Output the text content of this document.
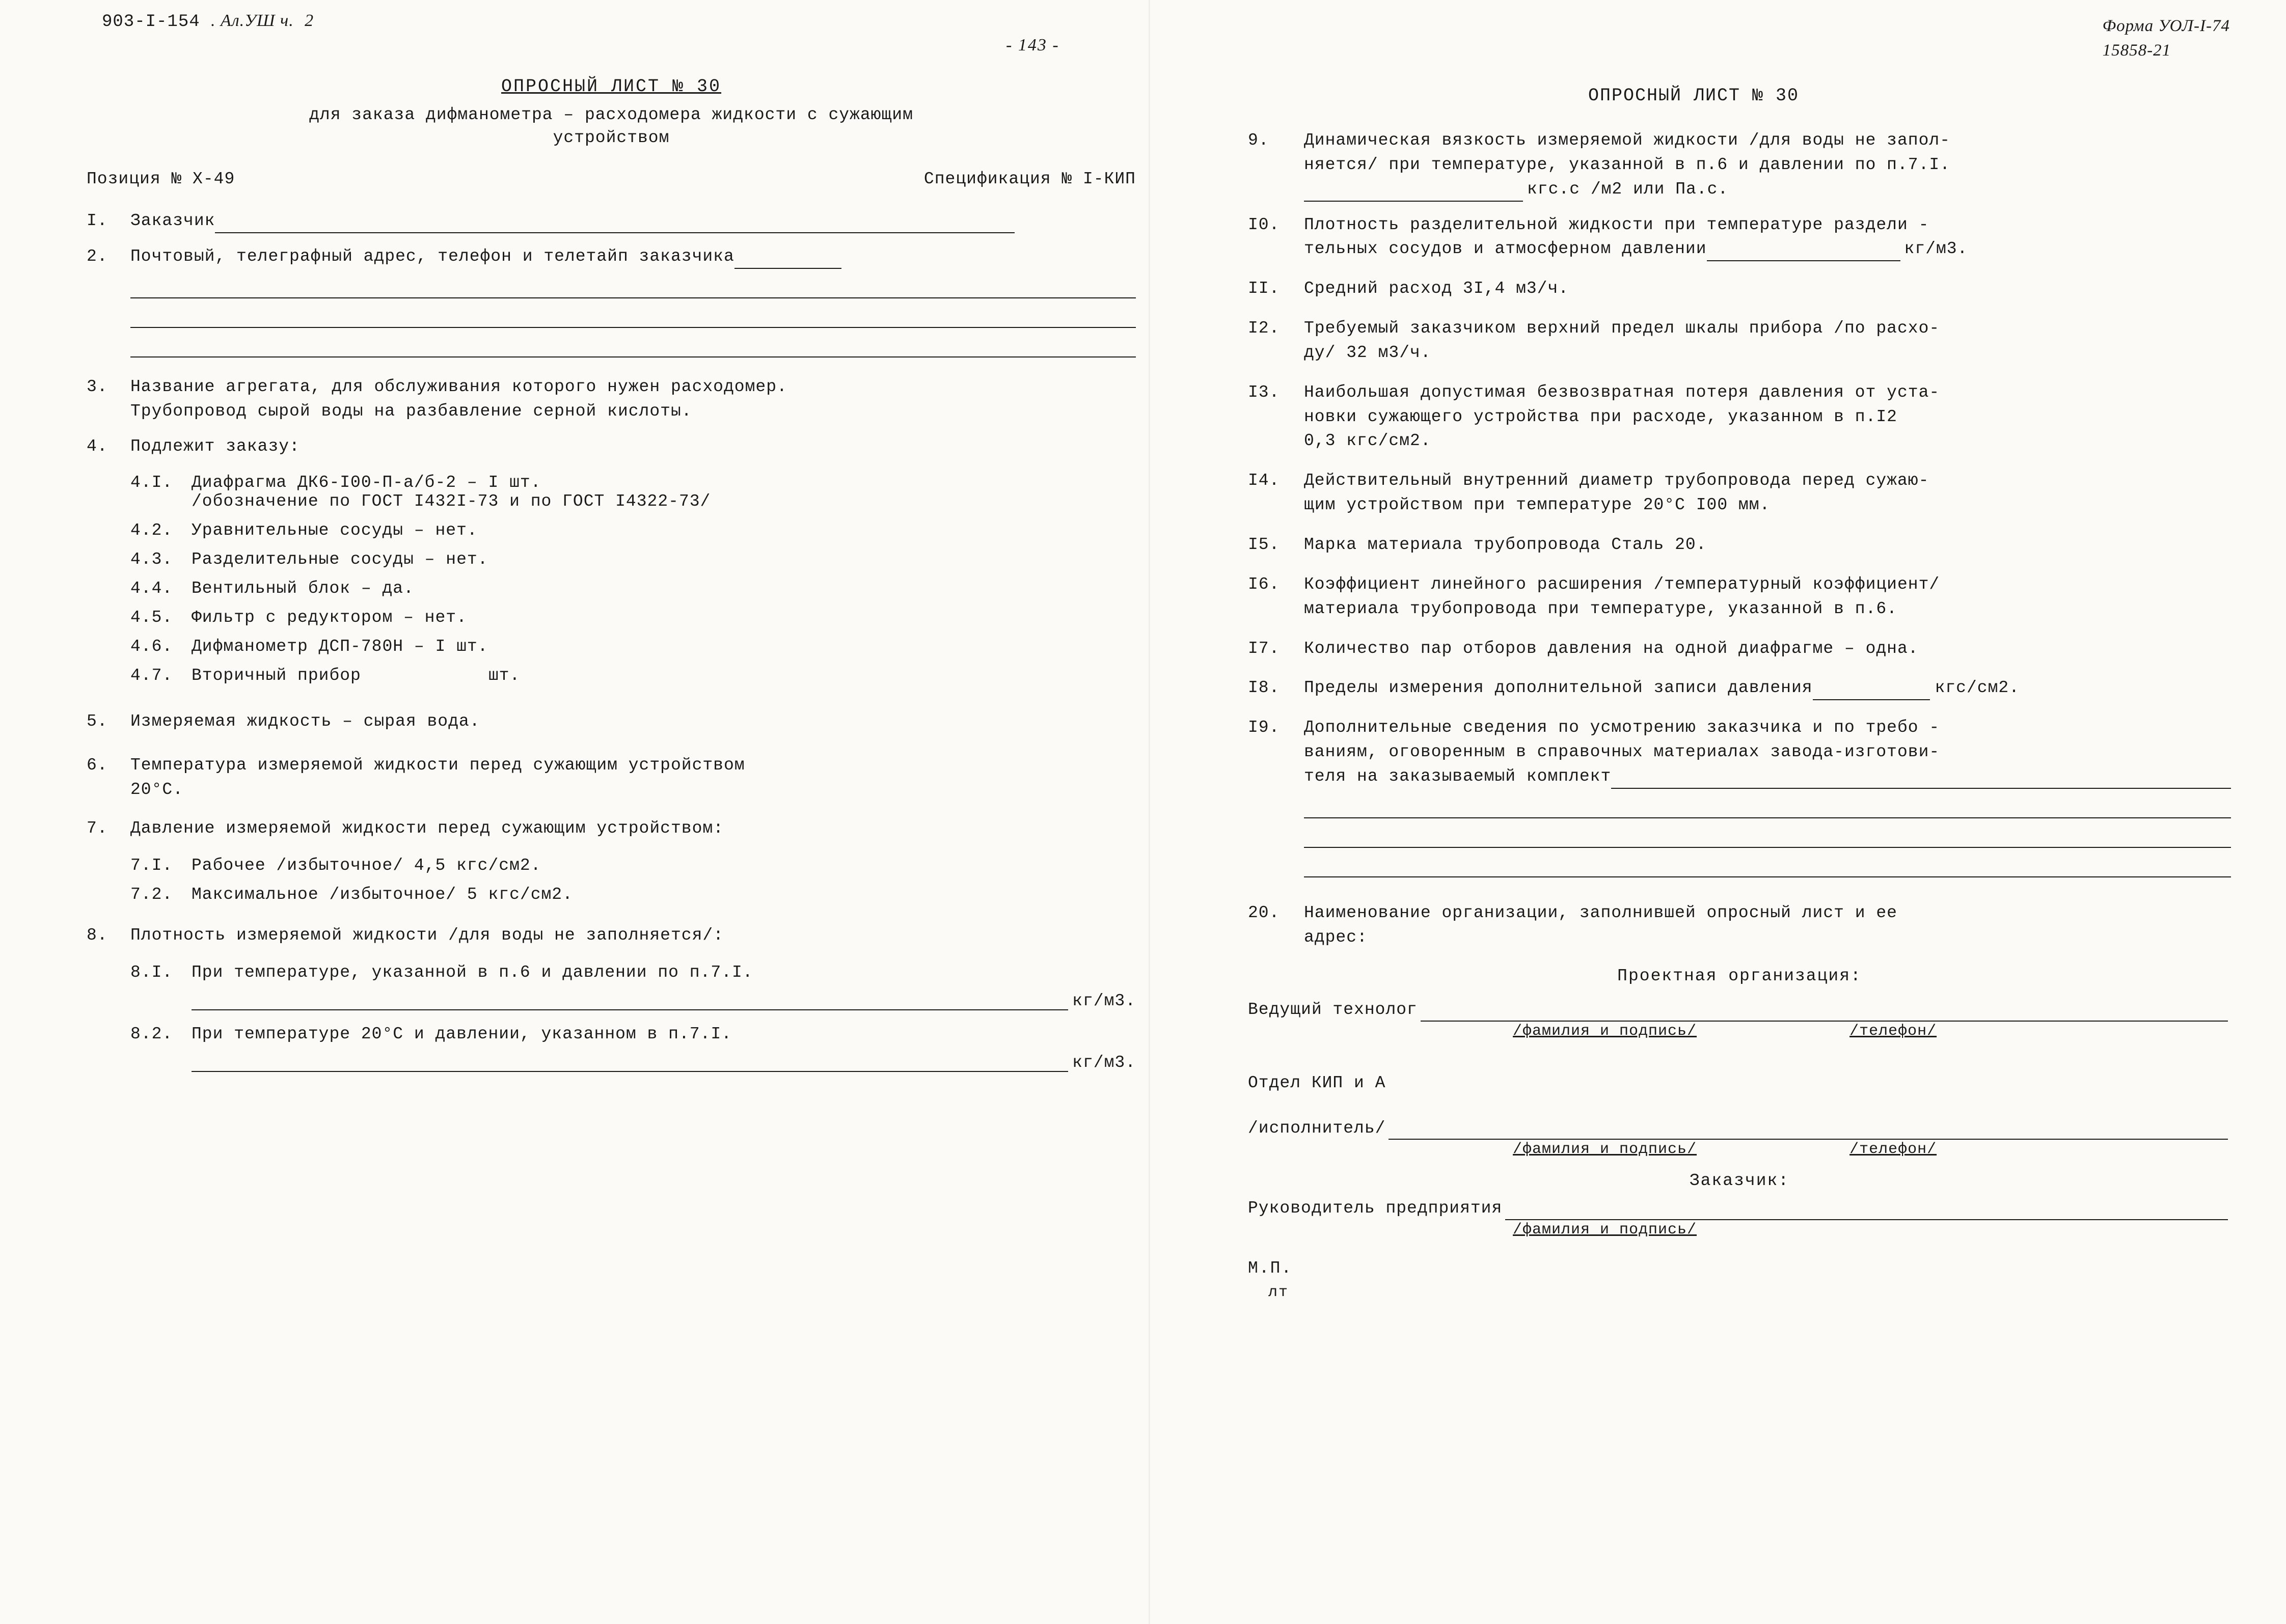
903-I-154 . Ал.УШ ч. 2
- 143 -
Форма УОЛ-I-74
15858-21
ОПРОСНЫЙ ЛИСТ № 30
для заказа дифманометра – расходомера жидкости с сужающим
устройством
Позиция № Х-49	Спецификация № I-КИП
I.	Заказчик
2.	Почтовый, телеграфный адрес, телефон и телетайп заказчика
3.	Название агрегата, для обслуживания которого нужен расходомер.
Трубопровод сырой воды на разбавление серной кислоты.
4.	Подлежит заказу:
4.I.	Диафрагма ДК6-I00-П-а/б-2 – I шт.
/обозначение по ГОСТ I432I-73 и по ГОСТ I4322-73/
4.2.	Уравнительные сосуды – нет.
4.3.	Разделительные сосуды – нет.
4.4.	Вентильный блок – да.
4.5.	Фильтр с редуктором – нет.
4.6.	Дифманометр ДСП-780Н – I шт.
4.7.	Вторичный прибор	шт.
5.	Измеряемая жидкость – сырая вода.
6.	Температура измеряемой жидкости перед сужающим устройством
20°С.
7.	Давление измеряемой жидкости перед сужающим устройством:
7.I.	Рабочее /избыточное/ 4,5 кгс/см2.
7.2.	Максимальное /избыточное/ 5 кгс/см2.
8.	Плотность измеряемой жидкости /для воды не заполняется/:
8.I.	При температуре, указанной в п.6 и давлении по п.7.I.
кг/м3.
8.2.	При температуре 20°С и давлении, указанном в п.7.I.
кг/м3.
ОПРОСНЫЙ ЛИСТ № 30
9.	Динамическая вязкость измеряемой жидкости /для воды не запол-
няется/ при температуре, указанной в п.6 и давлении по п.7.I.
кгс.с /м2 или Па.с.
I0.	Плотность разделительной жидкости при температуре раздели -
тельных сосудов и атмосферном давлении	кг/м3.
II.	Средний расход 3I,4 м3/ч.
I2.	Требуемый заказчиком верхний предел шкалы прибора /по расхо-
ду/ 32 м3/ч.
I3.	Наибольшая допустимая безвозвратная потеря давления от уста-
новки сужающего устройства при расходе, указанном в п.I2
0,3 кгс/см2.
I4.	Действительный внутренний диаметр трубопровода перед сужаю-
щим устройством при температуре 20°С I00 мм.
I5.	Марка материала трубопровода Сталь 20.
I6.	Коэффициент линейного расширения /температурный коэффициент/
материала трубопровода при температуре, указанной в п.6.
I7.	Количество пар отборов давления на одной диафрагме – одна.
I8.	Пределы измерения дополнительной записи давления	кгс/см2.
I9.	Дополнительные сведения по усмотрению заказчика и по требо -
ваниям, оговоренным в справочных материалах завода-изготови-
теля на заказываемый комплект
20.	Наименование организации, заполнившей опросный лист и ее
адрес:
Проектная организация:
Ведущий технолог
/фамилия и подпись/	/телефон/

Отдел КИП и А

/исполнитель/

/фамилия и подпись/	/телефон/
Заказчик:
Руководитель предприятия
/фамилия и подпись/
М.П.
лт
